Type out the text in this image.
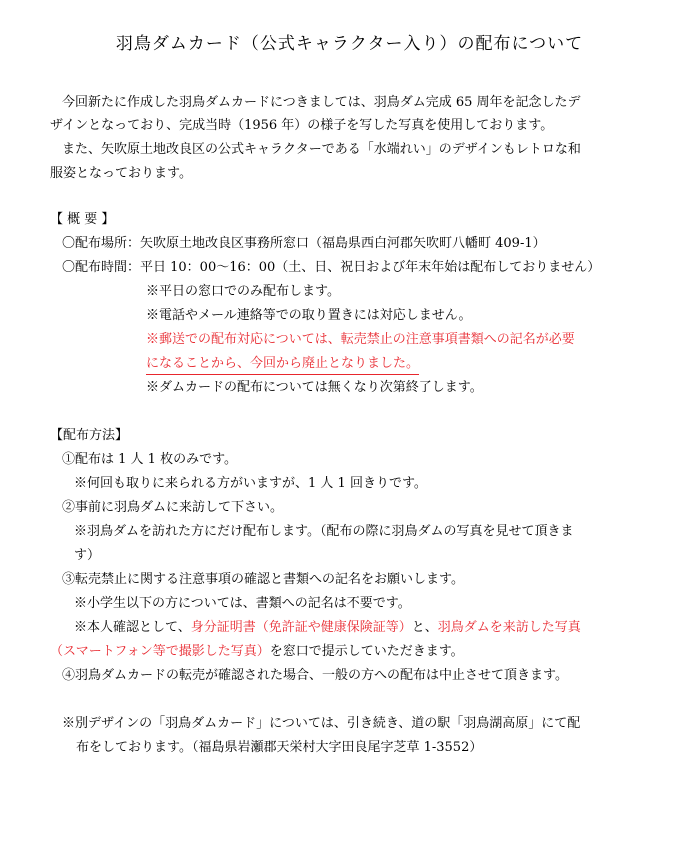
羽鳥ダムカード（公式キャラクター入り）の配布について
今回新たに作成した羽鳥ダムカードにつきましては、羽鳥ダム完成 65 周年を記念したデ
ザインとなっており、完成当時（1956 年）の様子を写した写真を使用しております。
また、矢吹原土地改良区の公式キャラクターである「水端れい」のデザインもレトロな和
服姿となっております。
【 概 要 】
〇配布場所：矢吹原土地改良区事務所窓口（福島県西白河郡矢吹町八幡町 409-1）
〇配布時間：平日 10：00〜16：00（土、日、祝日および年末年始は配布しておりません）
※平日の窓口でのみ配布します。
※電話やメール連絡等での取り置きには対応しません。
※郵送での配布対応については、転売禁止の注意事項書類への記名が必要
になることから、今回から廃止となりました。
※ダムカードの配布については無くなり次第終了します。
【配布方法】
①配布は 1 人 1 枚のみです。
※何回も取りに来られる方がいますが、1 人 1 回きりです。
②事前に羽鳥ダムに来訪して下さい。
※羽鳥ダムを訪れた方にだけ配布します。（配布の際に羽鳥ダムの写真を見せて頂きま
す）
③転売禁止に関する注意事項の確認と書類への記名をお願いします。
※小学生以下の方については、書類への記名は不要です。
※本人確認として、身分証明書（免許証や健康保険証等）と、羽鳥ダムを来訪した写真
（スマートフォン等で撮影した写真）を窓口で提示していただきます。
④羽鳥ダムカードの転売が確認された場合、一般の方への配布は中止させて頂きます。
※別デザインの「羽鳥ダムカード」については、引き続き、道の駅「羽鳥湖高原」にて配
布をしております。（福島県岩瀬郡天栄村大字田良尾字芝草 1-3552）
